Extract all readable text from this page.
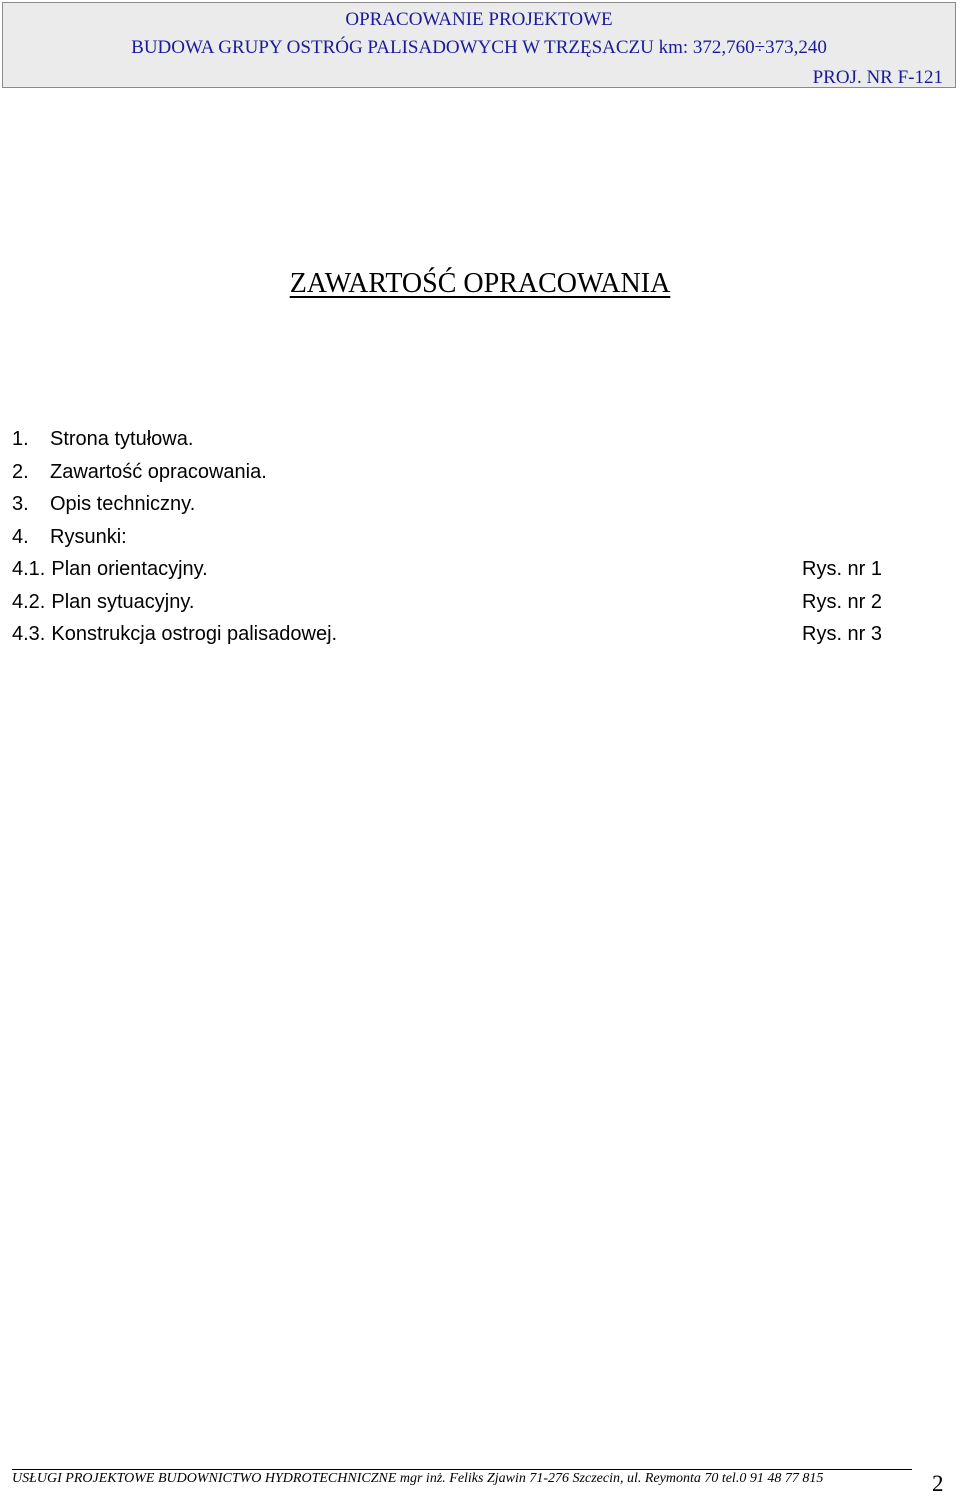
OPRACOWANIE PROJEKTOWE
BUDOWA GRUPY OSTRÓG PALISADOWYCH W TRZĘSACZU km: 372,760÷373,240
PROJ. NR F-121
ZAWARTOŚĆ OPRACOWANIA
1. Strona tytułowa.
2. Zawartość opracowania.
3. Opis techniczny.
4. Rysunki:
4.1. Plan orientacyjny.	Rys. nr 1
4.2. Plan sytuacyjny.	Rys. nr 2
4.3. Konstrukcja ostrogi palisadowej.	Rys. nr 3
USŁUGI PROJEKTOWE BUDOWNICTWO HYDROTECHNICZNE mgr inż. Feliks Zjawin 71-276 Szczecin, ul. Reymonta 70 tel.0 91 48 77 815	2
